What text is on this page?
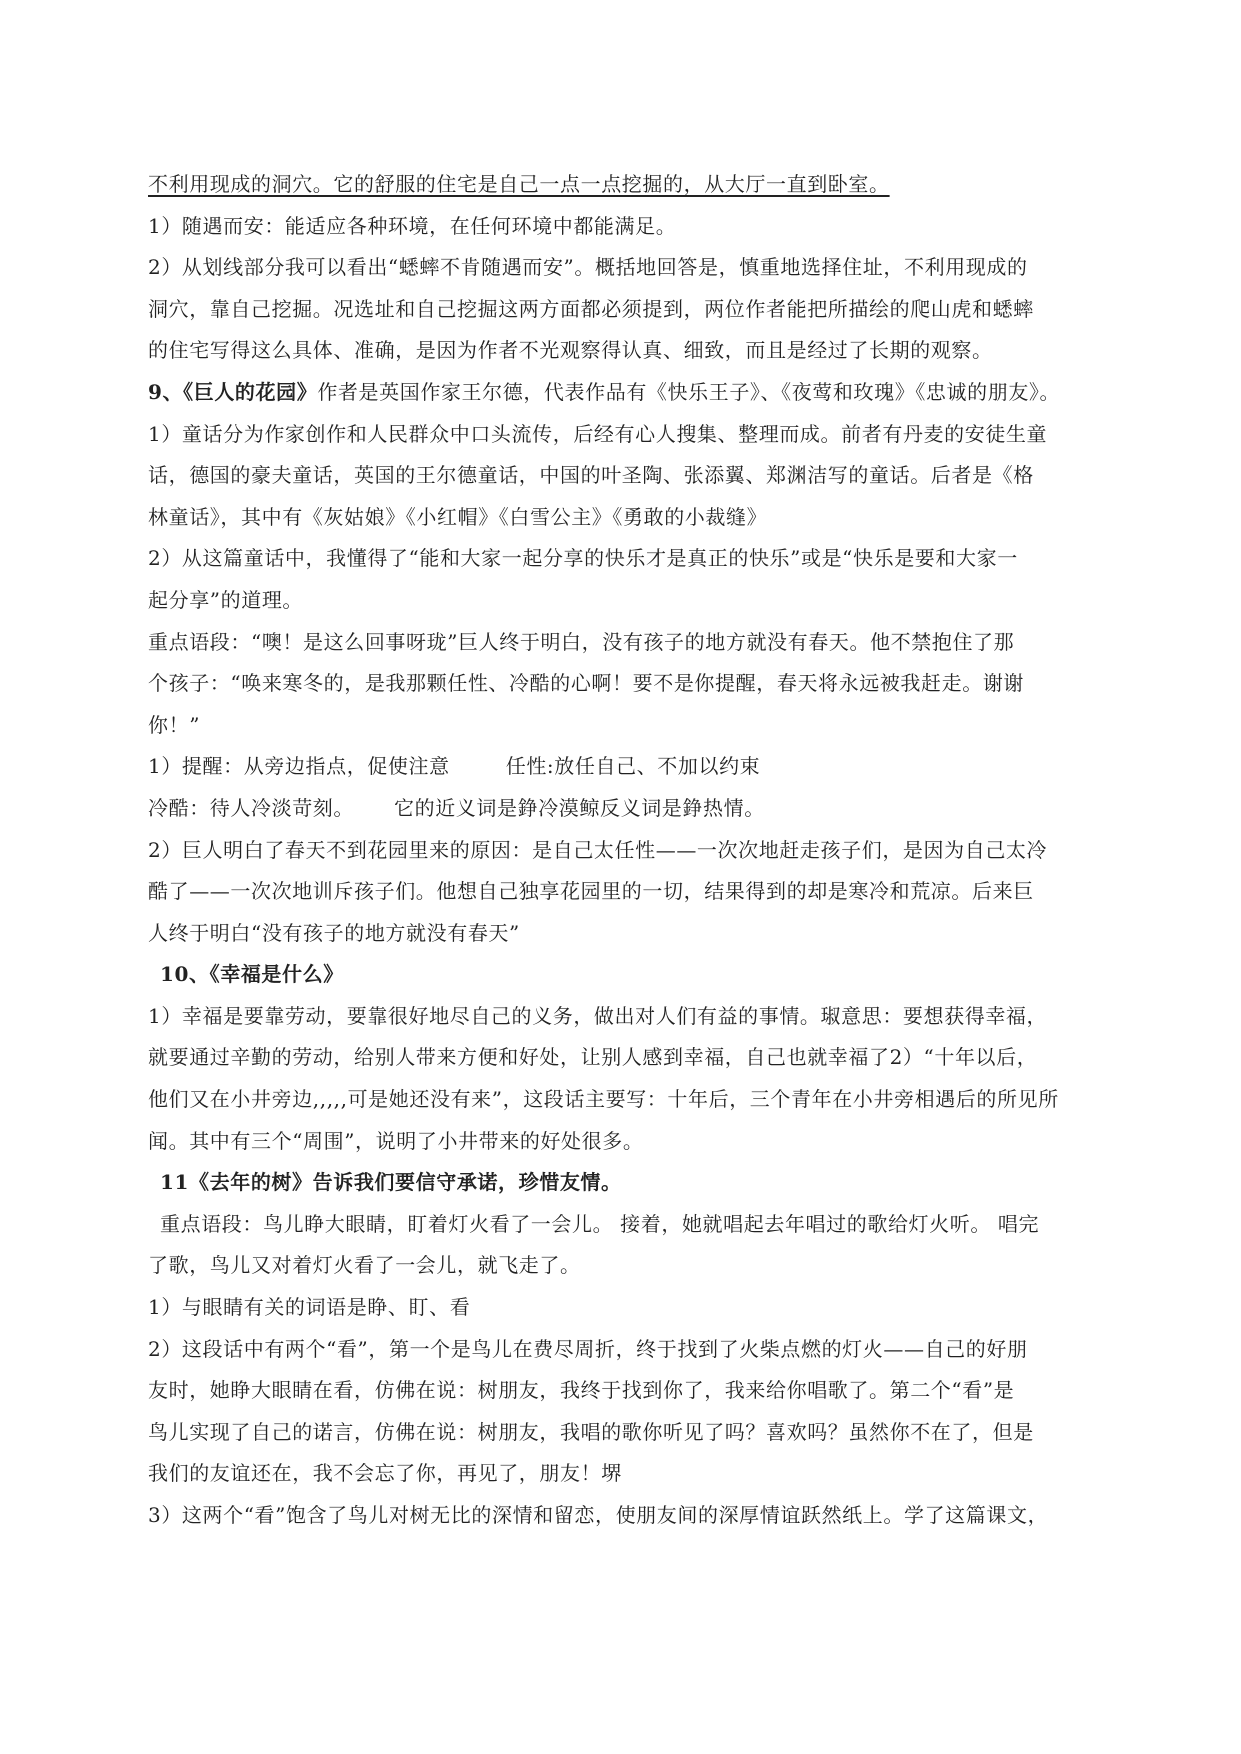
不利用现成的洞穴。它的舒服的住宅是自己一点一点挖掘的，从大厅一直到卧室。
1）随遇而安：能适应各种环境，在任何环境中都能满足。
2）从划线部分我可以看出“蟋蟀不肯随遇而安”。概括地回答是，慎重地选择住址，不利用现成的
洞穴，靠自己挖掘。况选址和自己挖掘这两方面都必须提到，两位作者能把所描绘的爬山虎和蟋蟀
的住宅写得这么具体、准确，是因为作者不光观察得认真、细致，而且是经过了长期的观察。
9、《巨人的花园》作者是英国作家王尔德，代表作品有《快乐王子》、《夜莺和玫瑰》《忠诚的朋友》。
1）童话分为作家创作和人民群众中口头流传，后经有心人搜集、整理而成。前者有丹麦的安徒生童
话，德国的豪夫童话，英国的王尔德童话，中国的叶圣陶、张添翼、郑渊洁写的童话。后者是《格
林童话》，其中有《灰姑娘》《小红帽》《白雪公主》《勇敢的小裁缝》
2）从这篇童话中，我懂得了“能和大家一起分享的快乐才是真正的快乐”或是“快乐是要和大家一
起分享”的道理。
重点语段：“噢！是这么回事呀珑”巨人终于明白，没有孩子的地方就没有春天。他不禁抱住了那
个孩子：“唤来寒冬的，是我那颗任性、冷酷的心啊！要不是你提醒，春天将永远被我赶走。谢谢
你！”
1）提醒：从旁边指点，促使注意	任性:放任自己、不加以约束
冷酷：待人冷淡苛刻。 它的近义词是錚冷漠鲸反义词是錚热情。
2）巨人明白了春天不到花园里来的原因：是自己太任性——一次次地赶走孩子们，是因为自己太冷
酷了——一次次地训斥孩子们。他想自己独享花园里的一切，结果得到的却是寒冷和荒凉。后来巨
人终于明白“没有孩子的地方就没有春天”
10、《幸福是什么》
1）幸福是要靠劳动，要靠很好地尽自己的义务，做出对人们有益的事情。琡意思：要想获得幸福，
就要通过辛勤的劳动，给别人带来方便和好处，让别人感到幸福，自己也就幸福了2）“十年以后，
他们又在小井旁边,,,,,可是她还没有来”，这段话主要写：十年后，三个青年在小井旁相遇后的所见所
闻。其中有三个“周围”，说明了小井带来的好处很多。
11《去年的树》告诉我们要信守承诺，珍惜友情。
重点语段：鸟儿睁大眼睛，盯着灯火看了一会儿。 接着，她就唱起去年唱过的歌给灯火听。 唱完
了歌，鸟儿又对着灯火看了一会儿，就飞走了。
1）与眼睛有关的词语是睁、盯、看
2）这段话中有两个“看”，第一个是鸟儿在费尽周折，终于找到了火柴点燃的灯火——自己的好朋
友时，她睁大眼睛在看，仿佛在说：树朋友，我终于找到你了，我来给你唱歌了。第二个“看”是
鸟儿实现了自己的诺言，仿佛在说：树朋友，我唱的歌你听见了吗？喜欢吗？虽然你不在了，但是
我们的友谊还在，我不会忘了你，再见了，朋友！堺
3）这两个“看”饱含了鸟儿对树无比的深情和留恋，使朋友间的深厚情谊跃然纸上。学了这篇课文，
